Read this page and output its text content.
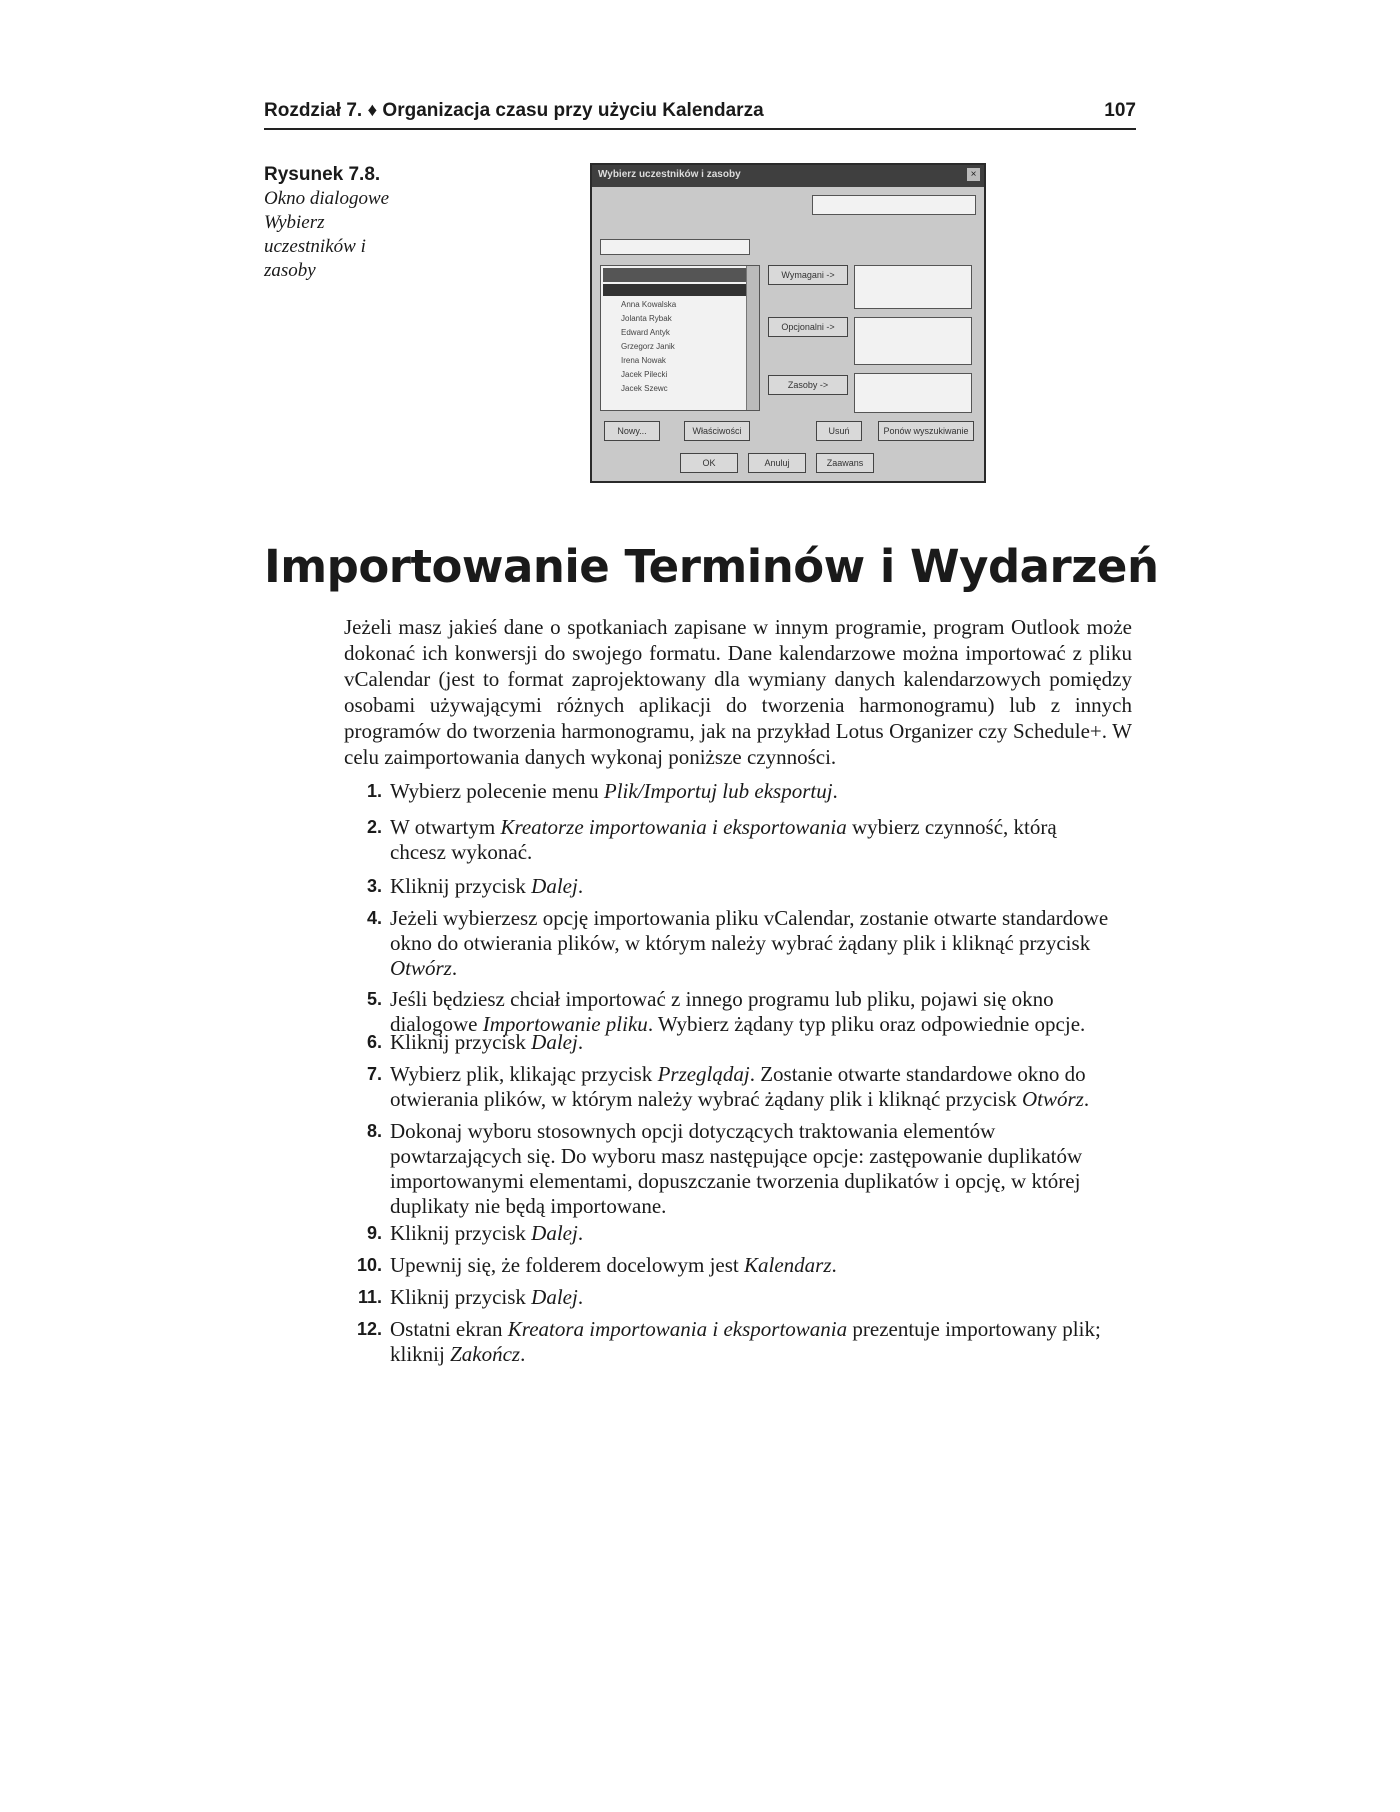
Rozdział 7. ♦ Organizacja czasu przy użyciu Kalendarza	107
Rysunek 7.8.
Okno dialogowe Wybierz uczestników i zasoby
Wybierz uczestników i zasoby	×
Anna Kowalska
Jolanta Rybak
Edward Antyk
Grzegorz Janik
Irena Nowak
Jacek Pilecki
Jacek Szewc
Wymagani ->
Opcjonalni ->
Zasoby ->
Nowy...	Właściwości	Usuń	Ponów wyszukiwanie
OK	Anuluj	Zaawans
Importowanie Terminów i Wydarzeń

Jeżeli masz jakieś dane o spotkaniach zapisane w innym programie, program Outlook może dokonać ich konwersji do swojego formatu. Dane kalendarzowe można importować z pliku vCalendar (jest to format zaprojektowany dla wymiany danych kalendarzowych pomiędzy osobami używającymi różnych aplikacji do tworzenia harmonogramu) lub z innych programów do tworzenia harmonogramu, jak na przykład Lotus Organizer czy Schedule+. W celu zaimportowania danych wykonaj poniższe czynności.

1. Wybierz polecenie menu Plik/Importuj lub eksportuj.
2. W otwartym Kreatorze importowania i eksportowania wybierz czynność, którą chcesz wykonać.
3. Kliknij przycisk Dalej.
4. Jeżeli wybierzesz opcję importowania pliku vCalendar, zostanie otwarte standardowe okno do otwierania plików, w którym należy wybrać żądany plik i kliknąć przycisk Otwórz.
5. Jeśli będziesz chciał importować z innego programu lub pliku, pojawi się okno dialogowe Importowanie pliku. Wybierz żądany typ pliku oraz odpowiednie opcje.
6. Kliknij przycisk Dalej.
7. Wybierz plik, klikając przycisk Przeglądaj. Zostanie otwarte standardowe okno do otwierania plików, w którym należy wybrać żądany plik i kliknąć przycisk Otwórz.
8. Dokonaj wyboru stosownych opcji dotyczących traktowania elementów powtarzających się. Do wyboru masz następujące opcje: zastępowanie duplikatów importowanymi elementami, dopuszczanie tworzenia duplikatów i opcję, w której duplikaty nie będą importowane.
9. Kliknij przycisk Dalej.
10. Upewnij się, że folderem docelowym jest Kalendarz.
11. Kliknij przycisk Dalej.
12. Ostatni ekran Kreatora importowania i eksportowania prezentuje importowany plik; kliknij Zakończ.
